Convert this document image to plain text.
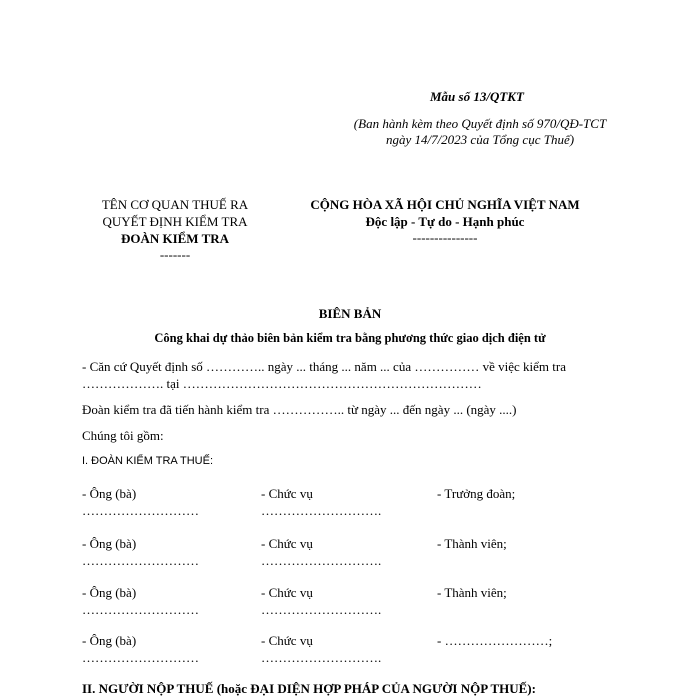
Mẫu số 13/QTKT
(Ban hành kèm theo Quyết định số 970/QĐ-TCT
ngày 14/7/2023 của Tổng cục Thuế)
TÊN CƠ QUAN THUẾ RA
QUYẾT ĐỊNH KIỂM TRA
ĐOÀN KIỂM TRA
-------
CỘNG HÒA XÃ HỘI CHỦ NGHĨA VIỆT NAM
Độc lập - Tự do - Hạnh phúc
---------------
BIÊN BẢN
Công khai dự thảo biên bản kiểm tra bằng phương thức giao dịch điện tử
- Căn cứ Quyết định số ………….. ngày ... tháng ... năm ... của …………… về việc kiểm tra
………………. tại ……………………………………………………………
Đoàn kiểm tra đã tiến hành kiểm tra …………….. từ ngày ... đến ngày ... (ngày ....)
Chúng tôi gồm:
I. ĐOÀN KIỂM TRA THUẾ:
- Ông (bà)
………………………
- Chức vụ
……………………….
- Trưởng đoàn;
- Ông (bà)
………………………
- Chức vụ
……………………….
- Thành viên;
- Ông (bà)
………………………
- Chức vụ
……………………….
- Thành viên;
- Ông (bà)
………………………
- Chức vụ
……………………….
- ……………………;
II. NGƯỜI NỘP THUẾ (hoặc ĐẠI DIỆN HỢP PHÁP CỦA NGƯỜI NỘP THUẾ):
